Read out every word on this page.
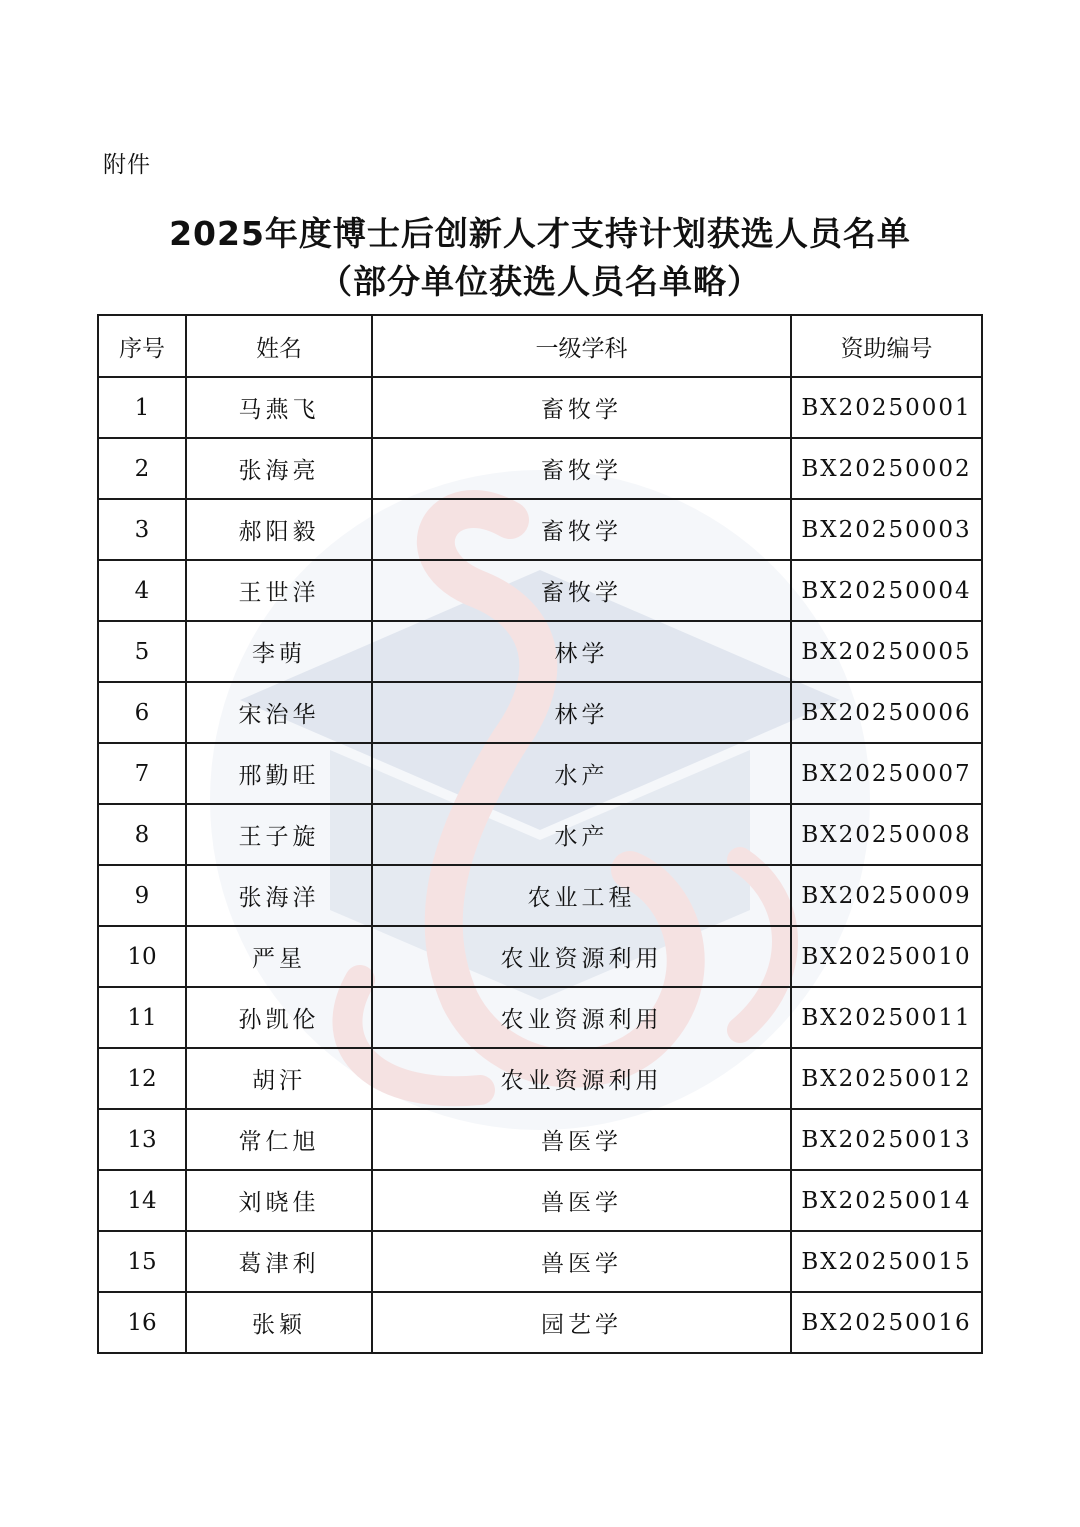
附件
2025年度博士后创新人才支持计划获选人员名单
（部分单位获选人员名单略）
序号	姓名	一级学科	资助编号
1	马燕飞	畜牧学	BX20250001
2	张海亮	畜牧学	BX20250002
3	郝阳毅	畜牧学	BX20250003
4	王世洋	畜牧学	BX20250004
5	李萌	林学	BX20250005
6	宋治华	林学	BX20250006
7	邢勤旺	水产	BX20250007
8	王子旋	水产	BX20250008
9	张海洋	农业工程	BX20250009
10	严星	农业资源利用	BX20250010
11	孙凯伦	农业资源利用	BX20250011
12	胡汗	农业资源利用	BX20250012
13	常仁旭	兽医学	BX20250013
14	刘晓佳	兽医学	BX20250014
15	葛津利	兽医学	BX20250015
16	张颖	园艺学	BX20250016
